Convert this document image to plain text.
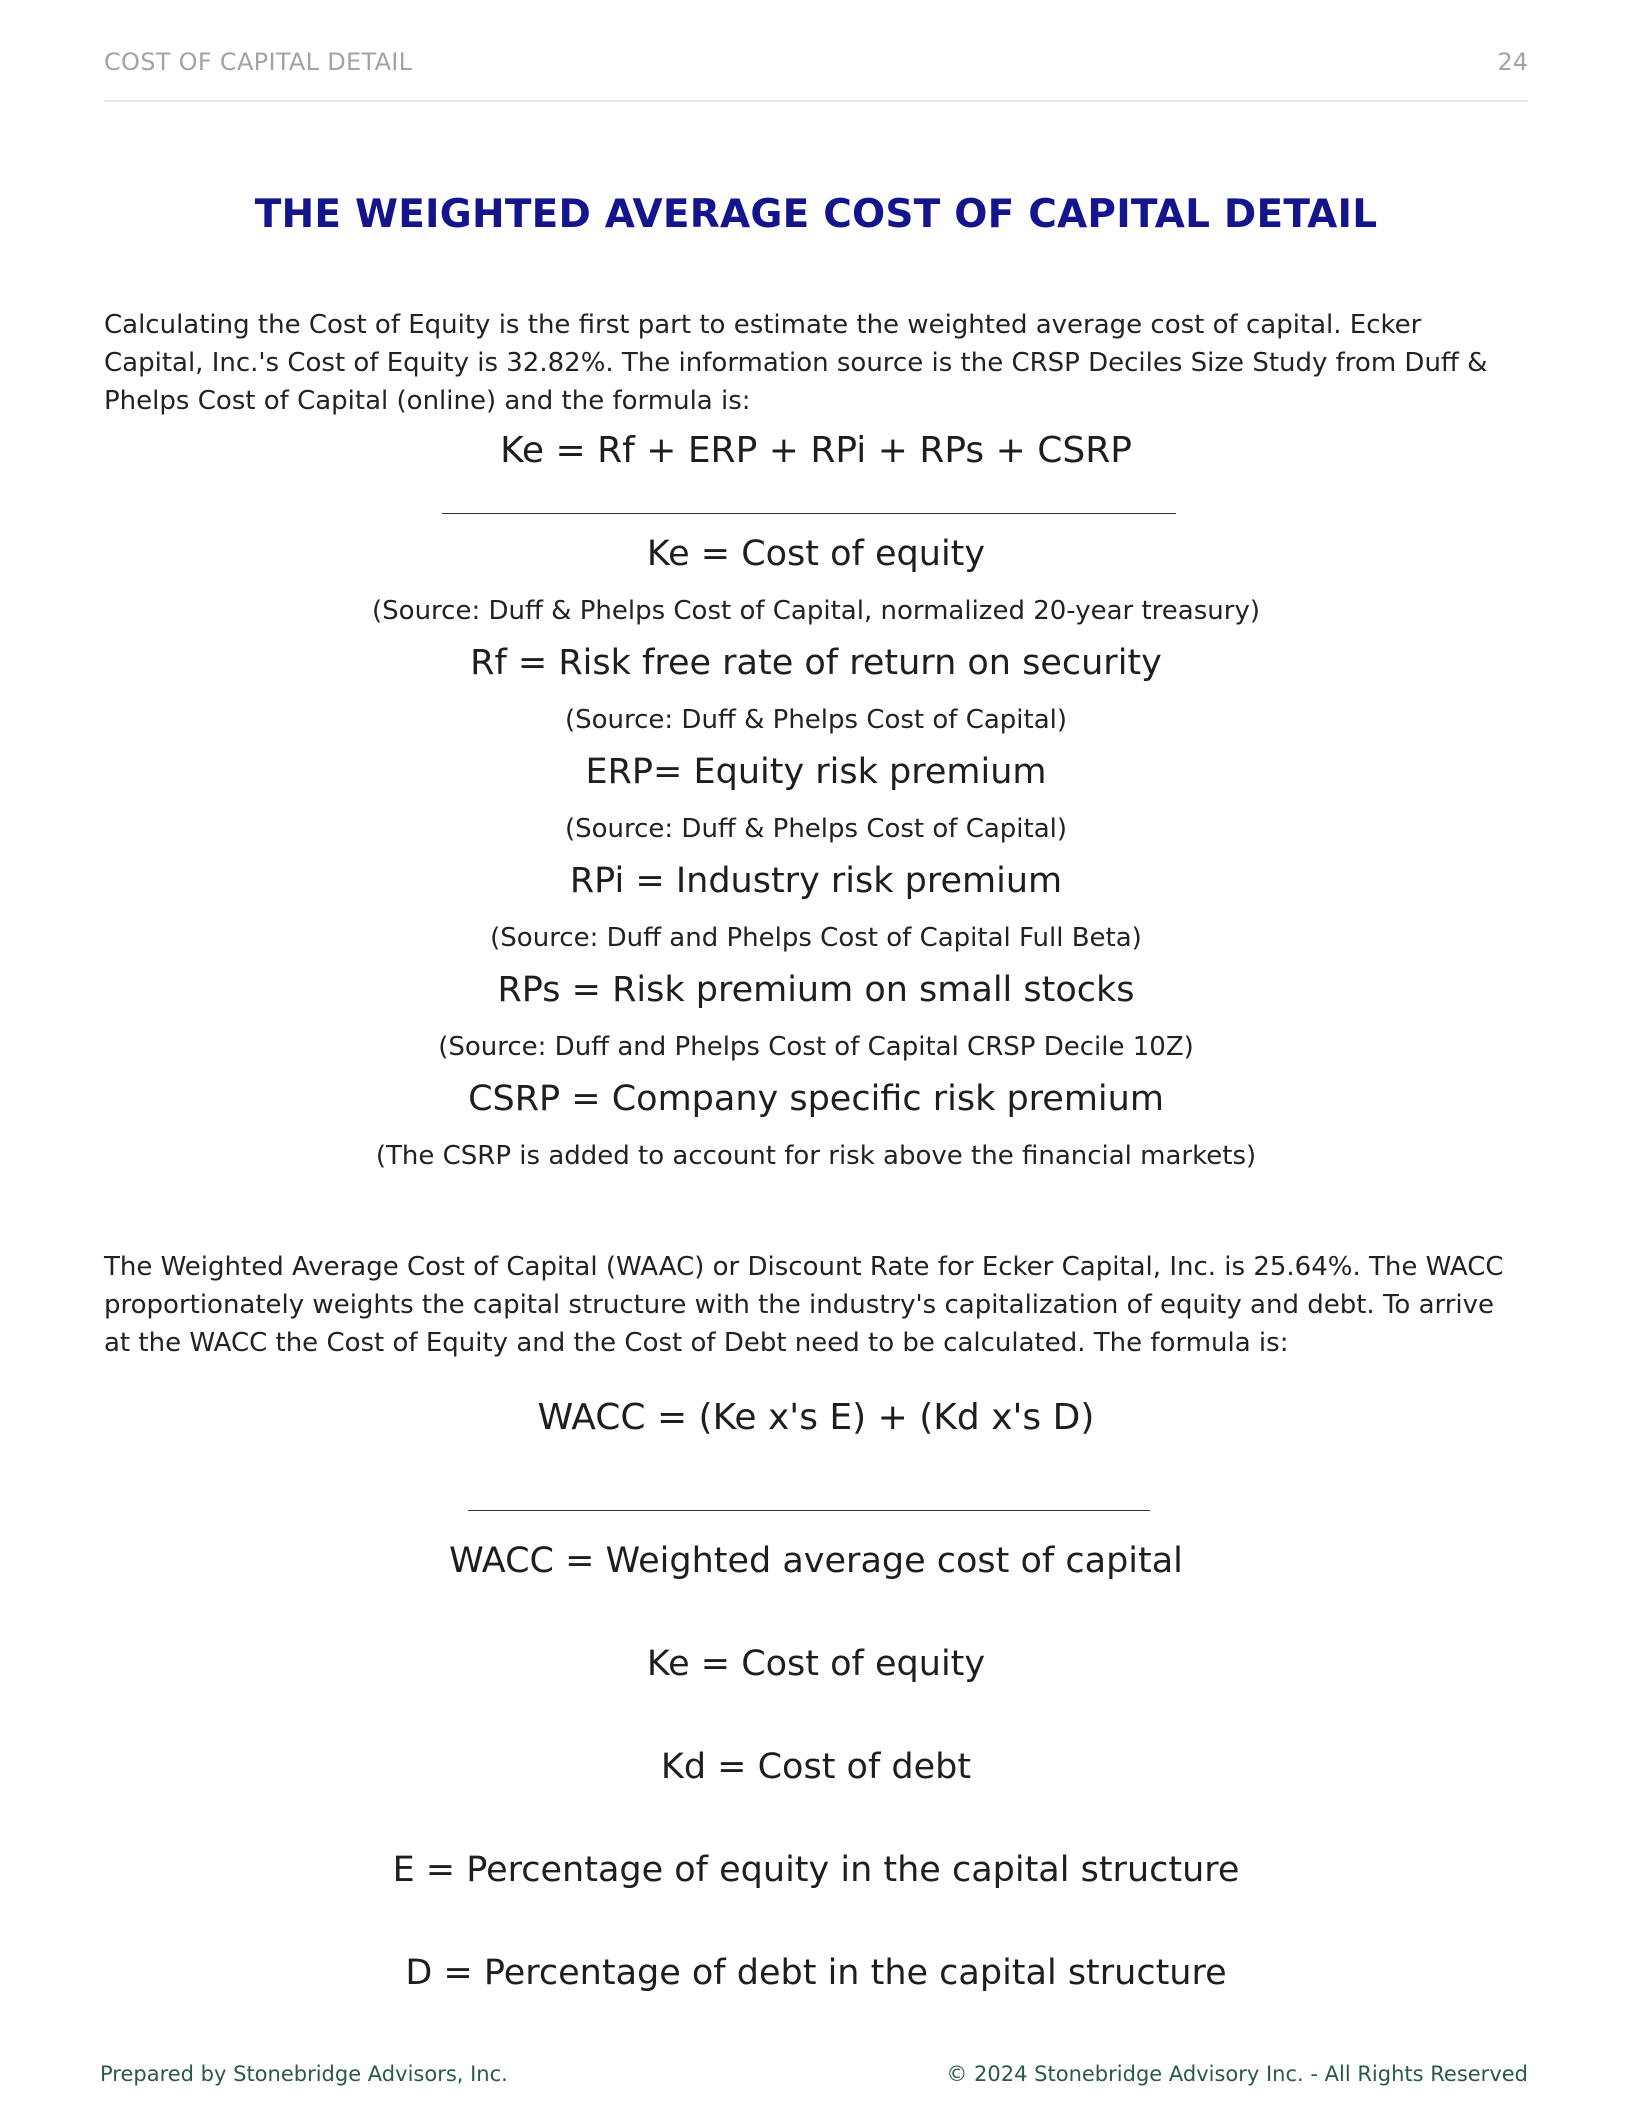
COST OF CAPITAL DETAIL	24
THE WEIGHTED AVERAGE COST OF CAPITAL DETAIL
Calculating the Cost of Equity is the first part to estimate the weighted average cost of capital. Ecker Capital, Inc.'s Cost of Equity is 32.82%. The information source is the CRSP Deciles Size Study from Duff & Phelps Cost of Capital (online) and the formula is:
Ke = Rf + ERP + RPi + RPs + CSRP
Ke = Cost of equity
(Source: Duff & Phelps Cost of Capital, normalized 20-year treasury)
Rf = Risk free rate of return on security
(Source: Duff & Phelps Cost of Capital)
ERP= Equity risk premium
(Source: Duff & Phelps Cost of Capital)
RPi = Industry risk premium
(Source: Duff and Phelps Cost of Capital Full Beta)
RPs = Risk premium on small stocks
(Source: Duff and Phelps Cost of Capital CRSP Decile 10Z)
CSRP = Company specific risk premium
(The CSRP is added to account for risk above the financial markets)
The Weighted Average Cost of Capital (WAAC) or Discount Rate for Ecker Capital, Inc. is 25.64%. The WACC proportionately weights the capital structure with the industry's capitalization of equity and debt. To arrive at the WACC the Cost of Equity and the Cost of Debt need to be calculated. The formula is:
WACC = (Ke x's E) + (Kd x's D)
WACC = Weighted average cost of capital
Ke = Cost of equity
Kd = Cost of debt
E = Percentage of equity in the capital structure
D = Percentage of debt in the capital structure
Prepared by Stonebridge Advisors, Inc.	© 2024 Stonebridge Advisory Inc. - All Rights Reserved
